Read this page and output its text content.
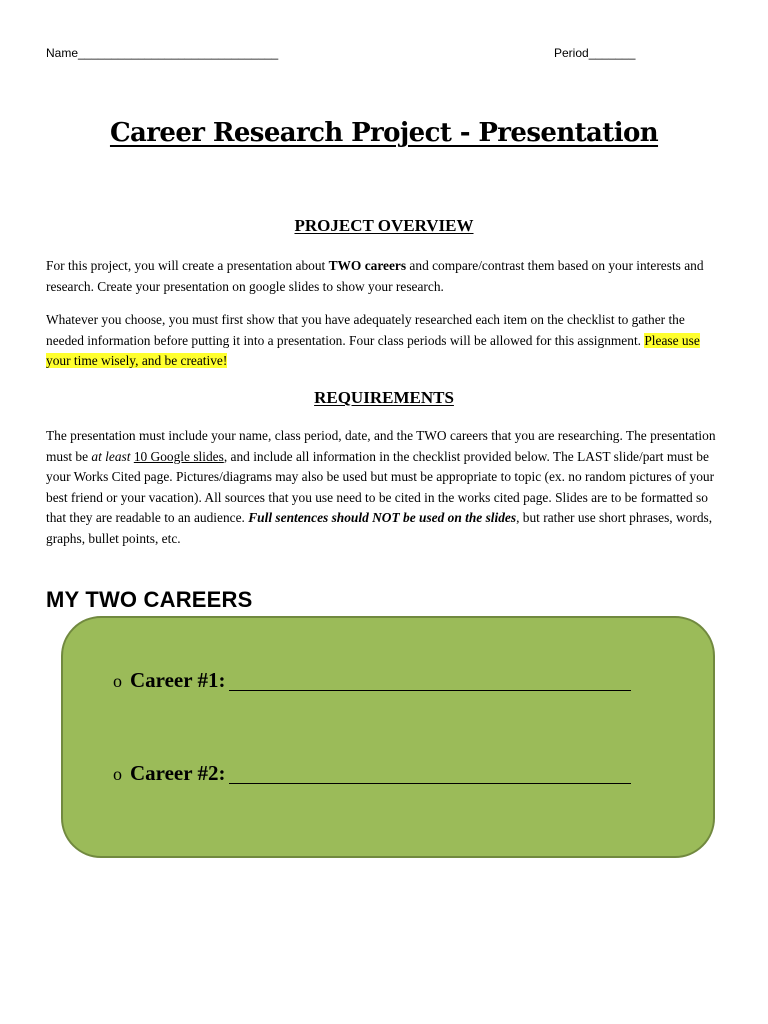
Name______________________________	Period_______
Career Research Project - Presentation
PROJECT OVERVIEW

For this project, you will create a presentation about TWO careers and compare/contrast them based on your interests and research. Create your presentation on google slides to show your research.

Whatever you choose, you must first show that you have adequately researched each item on the checklist to gather the needed information before putting it into a presentation. Four class periods will be allowed for this assignment. Please use your time wisely, and be creative!

REQUIREMENTS

The presentation must include your name, class period, date, and the TWO careers that you are researching. The presentation must be at least 10 Google slides, and include all information in the checklist provided below. The LAST slide/part must be your Works Cited page. Pictures/diagrams may also be used but must be appropriate to topic (ex. no random pictures of your best friend or your vacation). All sources that you use need to be cited in the works cited page. Slides are to be formatted so that they are readable to an audience. Full sentences should NOT be used on the slides, but rather use short phrases, words, graphs, bullet points, etc.

MY TWO CAREERS
o Career #1:
o Career #2:
